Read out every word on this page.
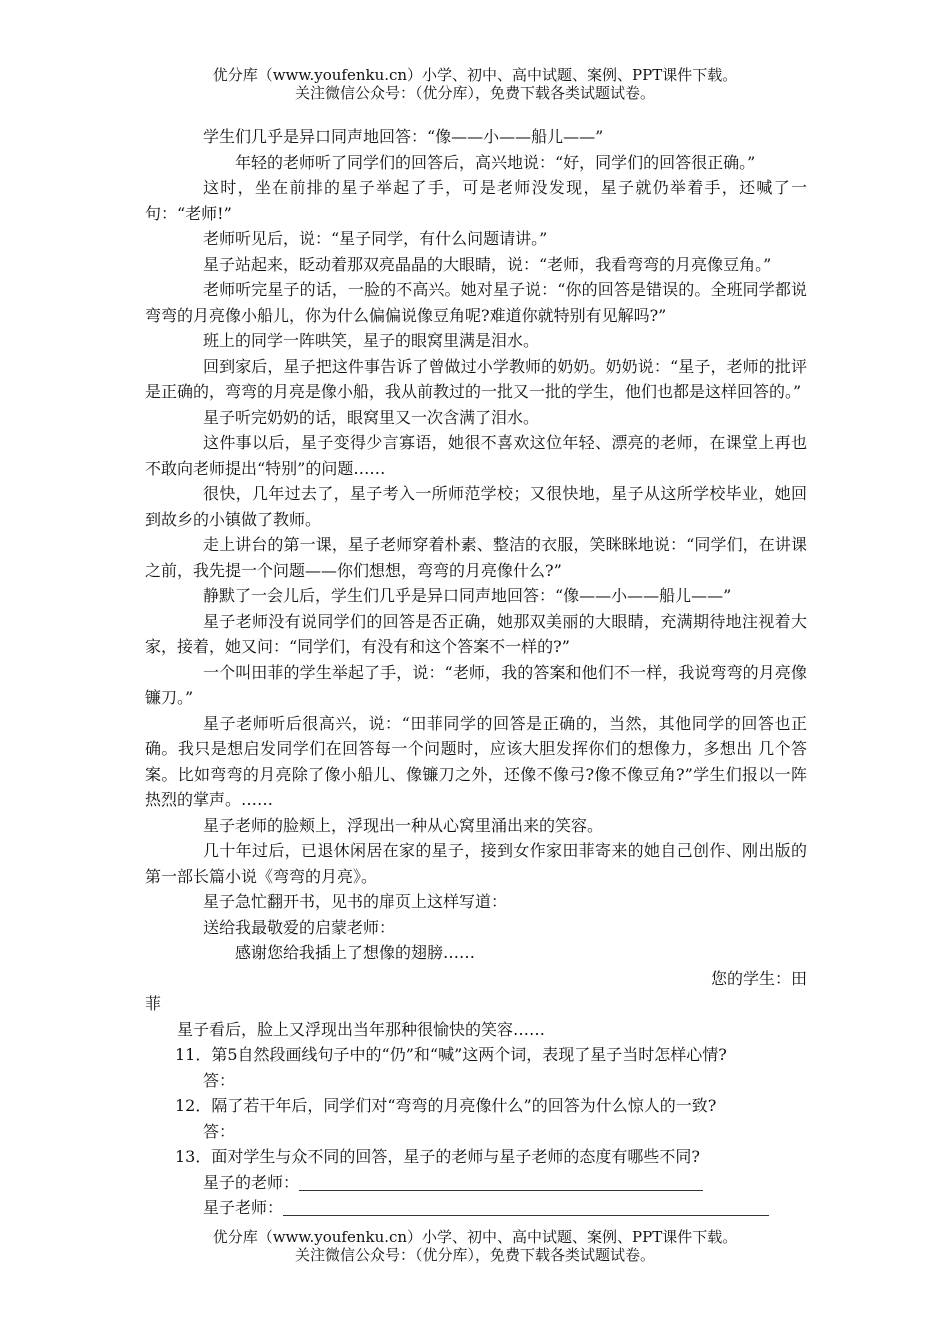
优分库（www.youfenku.cn）小学、初中、高中试题、案例、PPT课件下载。
关注微信公众号：（优分库），免费下载各类试题试卷。

学生们几乎是异口同声地回答：“像——小——船儿——”

年轻的老师听了同学们的回答后，高兴地说：“好，同学们的回答很正确。”

这时，坐在前排的星子举起了手，可是老师没发现，星子就仍举着手，还喊了一句：“老师!”

老师听见后，说：“星子同学，有什么问题请讲。”

星子站起来，眨动着那双亮晶晶的大眼睛，说：“老师，我看弯弯的月亮像豆角。”

老师听完星子的话，一脸的不高兴。她对星子说：“你的回答是错误的。全班同学都说弯弯的月亮像小船儿，你为什么偏偏说像豆角呢?难道你就特别有见解吗?”

班上的同学一阵哄笑，星子的眼窝里满是泪水。

回到家后，星子把这件事告诉了曾做过小学教师的奶奶。奶奶说：“星子，老师的批评是正确的，弯弯的月亮是像小船，我从前教过的一批又一批的学生，他们也都是这样回答的。”

星子听完奶奶的话，眼窝里又一次含满了泪水。

这件事以后，星子变得少言寡语，她很不喜欢这位年轻、漂亮的老师，在课堂上再也不敢向老师提出“特别”的问题……

很快，几年过去了，星子考入一所师范学校；又很快地，星子从这所学校毕业，她回到故乡的小镇做了教师。

走上讲台的第一课，星子老师穿着朴素、整洁的衣服，笑眯眯地说：“同学们，在讲课之前，我先提一个问题——你们想想，弯弯的月亮像什么?”

静默了一会儿后，学生们几乎是异口同声地回答：“像——小——船儿——”

星子老师没有说同学们的回答是否正确，她那双美丽的大眼睛，充满期待地注视着大家，接着，她又问：“同学们，有没有和这个答案不一样的?”

一个叫田菲的学生举起了手，说：“老师，我的答案和他们不一样，我说弯弯的月亮像镰刀。”

星子老师听后很高兴，说：“田菲同学的回答是正确的，当然，其他同学的回答也正确。我只是想启发同学们在回答每一个问题时，应该大胆发挥你们的想像力，多想出 几个答案。比如弯弯的月亮除了像小船儿、像镰刀之外，还像不像弓?像不像豆角?”学生们报以一阵热烈的掌声。……

星子老师的脸颊上，浮现出一种从心窝里涌出来的笑容。

几十年过后，已退休闲居在家的星子，接到女作家田菲寄来的她自己创作、刚出版的第一部长篇小说《弯弯的月亮》。

星子急忙翻开书，见书的扉页上这样写道：

送给我最敬爱的启蒙老师：

感谢您给我插上了想像的翅膀……

您的学生：田

菲

星子看后，脸上又浮现出当年那种很愉快的笑容……

11．第5自然段画线句子中的“仍”和“喊”这两个词，表现了星子当时怎样心情?

答：

12．隔了若干年后，同学们对“弯弯的月亮像什么”的回答为什么惊人的一致?

答：

13．面对学生与众不同的回答，星子的老师与星子老师的态度有哪些不同?

星子的老师：

星子老师：

优分库（www.youfenku.cn）小学、初中、高中试题、案例、PPT课件下载。
关注微信公众号：（优分库），免费下载各类试题试卷。
